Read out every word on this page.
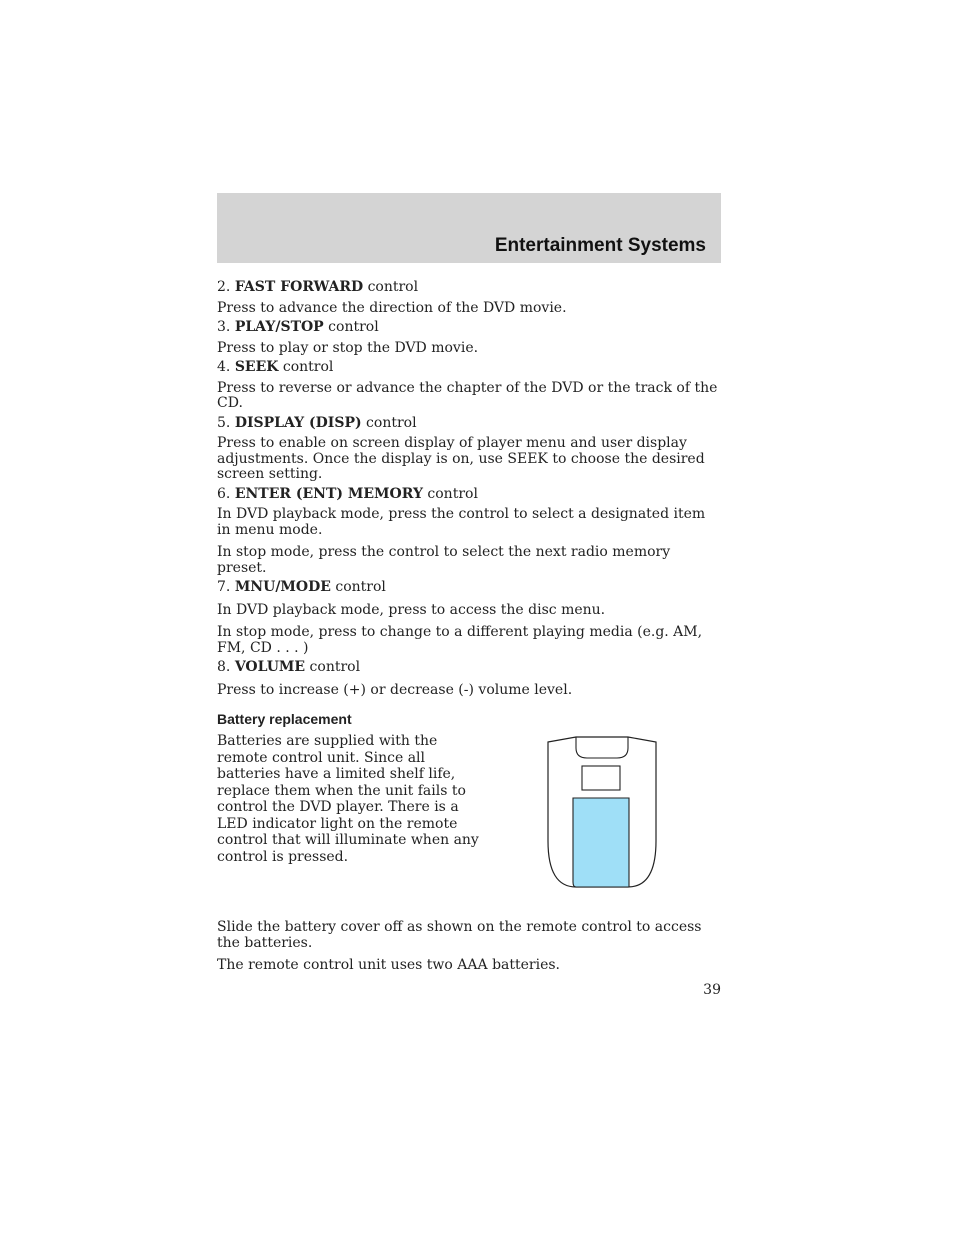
Entertainment Systems

2. FAST FORWARD control

Press to advance the direction of the DVD movie.

3. PLAY/STOP control

Press to play or stop the DVD movie.

4. SEEK control

Press to reverse or advance the chapter of the DVD or the track of the CD.

5. DISPLAY (DISP) control

Press to enable on screen display of player menu and user display adjustments. Once the display is on, use SEEK to choose the desired screen setting.

6. ENTER (ENT) MEMORY control

In DVD playback mode, press the control to select a designated item in menu mode.

In stop mode, press the control to select the next radio memory preset.

7. MNU/MODE control

In DVD playback mode, press to access the disc menu.

In stop mode, press to change to a different playing media (e.g. AM, FM, CD . . . )

8. VOLUME control

Press to increase (+) or decrease (-) volume level.

Battery replacement
Batteries are supplied with the remote control unit. Since all batteries have a limited shelf life, replace them when the unit fails to control the DVD player. There is a LED indicator light on the remote control that will illuminate when any control is pressed.

Slide the battery cover off as shown on the remote control to access the batteries.

The remote control unit uses two AAA batteries.

39
